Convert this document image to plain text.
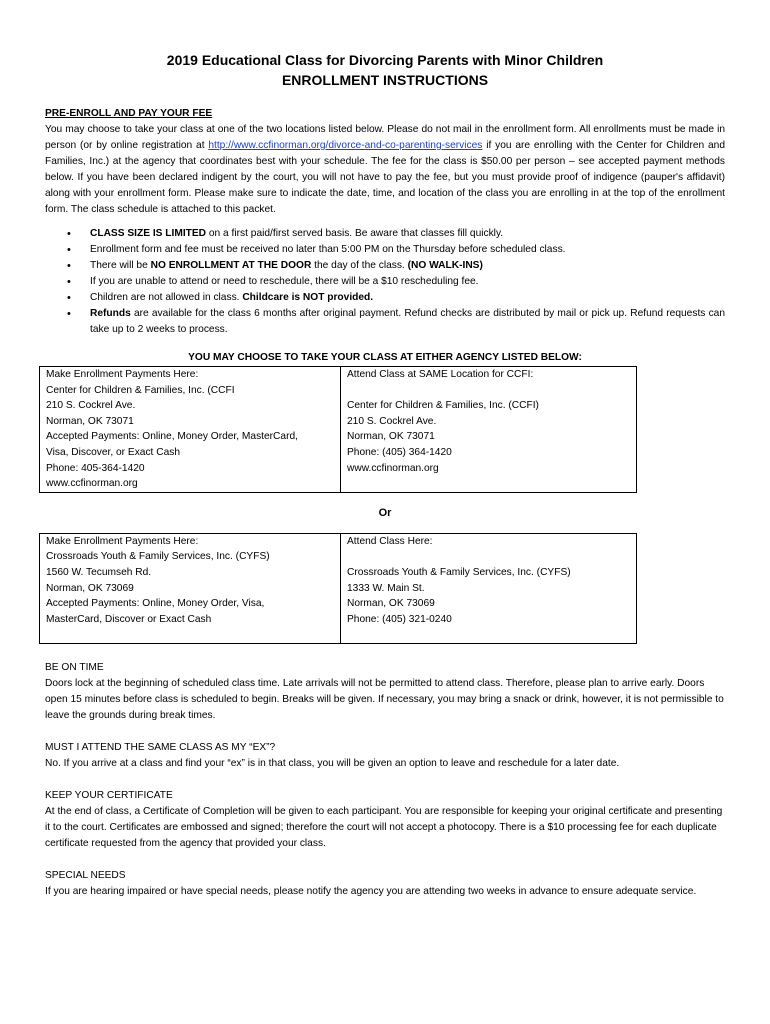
2019 Educational Class for Divorcing Parents with Minor Children
ENROLLMENT INSTRUCTIONS
PRE-ENROLL AND PAY YOUR FEE
You may choose to take your class at one of the two locations listed below. Please do not mail in the enrollment form. All enrollments must be made in person (or by online registration at http://www.ccfinorman.org/divorce-and-co-parenting-services if you are enrolling with the Center for Children and Families, Inc.) at the agency that coordinates best with your schedule. The fee for the class is $50.00 per person – see accepted payment methods below. If you have been declared indigent by the court, you will not have to pay the fee, but you must provide proof of indigence (pauper's affidavit) along with your enrollment form. Please make sure to indicate the date, time, and location of the class you are enrolling in at the top of the enrollment form. The class schedule is attached to this packet.
• CLASS SIZE IS LIMITED on a first paid/first served basis. Be aware that classes fill quickly.
• Enrollment form and fee must be received no later than 5:00 PM on the Thursday before scheduled class.
• There will be NO ENROLLMENT AT THE DOOR the day of the class. (NO WALK-INS)
• If you are unable to attend or need to reschedule, there will be a $10 rescheduling fee.
• Children are not allowed in class. Childcare is NOT provided.
• Refunds are available for the class 6 months after original payment. Refund checks are distributed by mail or pick up. Refund requests can take up to 2 weeks to process.
YOU MAY CHOOSE TO TAKE YOUR CLASS AT EITHER AGENCY LISTED BELOW:
Make Enrollment Payments Here:
Center for Children & Families, Inc. (CCFI
210 S. Cockrel Ave.
Norman, OK 73071
Accepted Payments: Online, Money Order, MasterCard,
Visa, Discover, or Exact Cash
Phone: 405-364-1420
www.ccfinorman.org

Attend Class at SAME Location for CCFI:
Center for Children & Families, Inc. (CCFI)
210 S. Cockrel Ave.
Norman, OK 73071
Phone: (405) 364-1420
www.ccfinorman.org
Or
Make Enrollment Payments Here:
Crossroads Youth & Family Services, Inc. (CYFS)
1560 W. Tecumseh Rd.
Norman, OK 73069
Accepted Payments: Online, Money Order, Visa,
MasterCard, Discover or Exact Cash

Attend Class Here:
Crossroads Youth & Family Services, Inc. (CYFS)
1333 W. Main St.
Norman, OK 73069
Phone: (405) 321-0240
BE ON TIME
Doors lock at the beginning of scheduled class time. Late arrivals will not be permitted to attend class. Therefore, please plan to arrive early. Doors open 15 minutes before class is scheduled to begin. Breaks will be given. If necessary, you may bring a snack or drink, however, it is not permissible to leave the grounds during break times.
MUST I ATTEND THE SAME CLASS AS MY “EX”?
No. If you arrive at a class and find your “ex” is in that class, you will be given an option to leave and reschedule for a later date.
KEEP YOUR CERTIFICATE
At the end of class, a Certificate of Completion will be given to each participant. You are responsible for keeping your original certificate and presenting it to the court. Certificates are embossed and signed; therefore the court will not accept a photocopy. There is a $10 processing fee for each duplicate certificate requested from the agency that provided your class.
SPECIAL NEEDS
If you are hearing impaired or have special needs, please notify the agency you are attending two weeks in advance to ensure adequate service.
